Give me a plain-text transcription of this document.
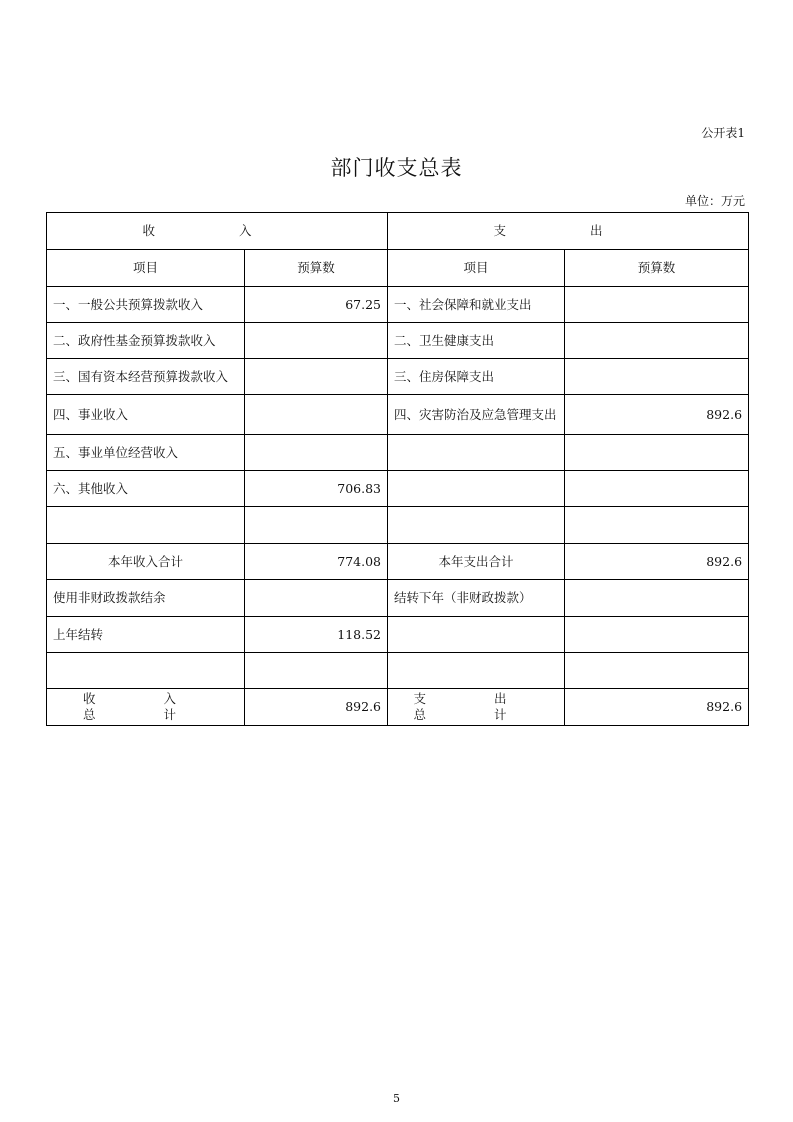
公开表1
部门收支总表
单位：万元
收 入		支 出	
项目	预算数	项目	预算数
一、一般公共预算拨款收入	67.25	一、社会保障和就业支出	
二、政府性基金预算拨款收入		二、卫生健康支出	
三、国有资本经营预算拨款收入		三、住房保障支出	
四、事业收入		四、灾害防治及应急管理支出	892.6
五、事业单位经营收入			
六、其他收入	706.83		

本年收入合计	774.08	本年支出合计	892.6
使用非财政拨款结余		结转下年（非财政拨款）	
上年结转	118.52		

收 入 总 计	892.6	支 出 总 计	892.6
5
